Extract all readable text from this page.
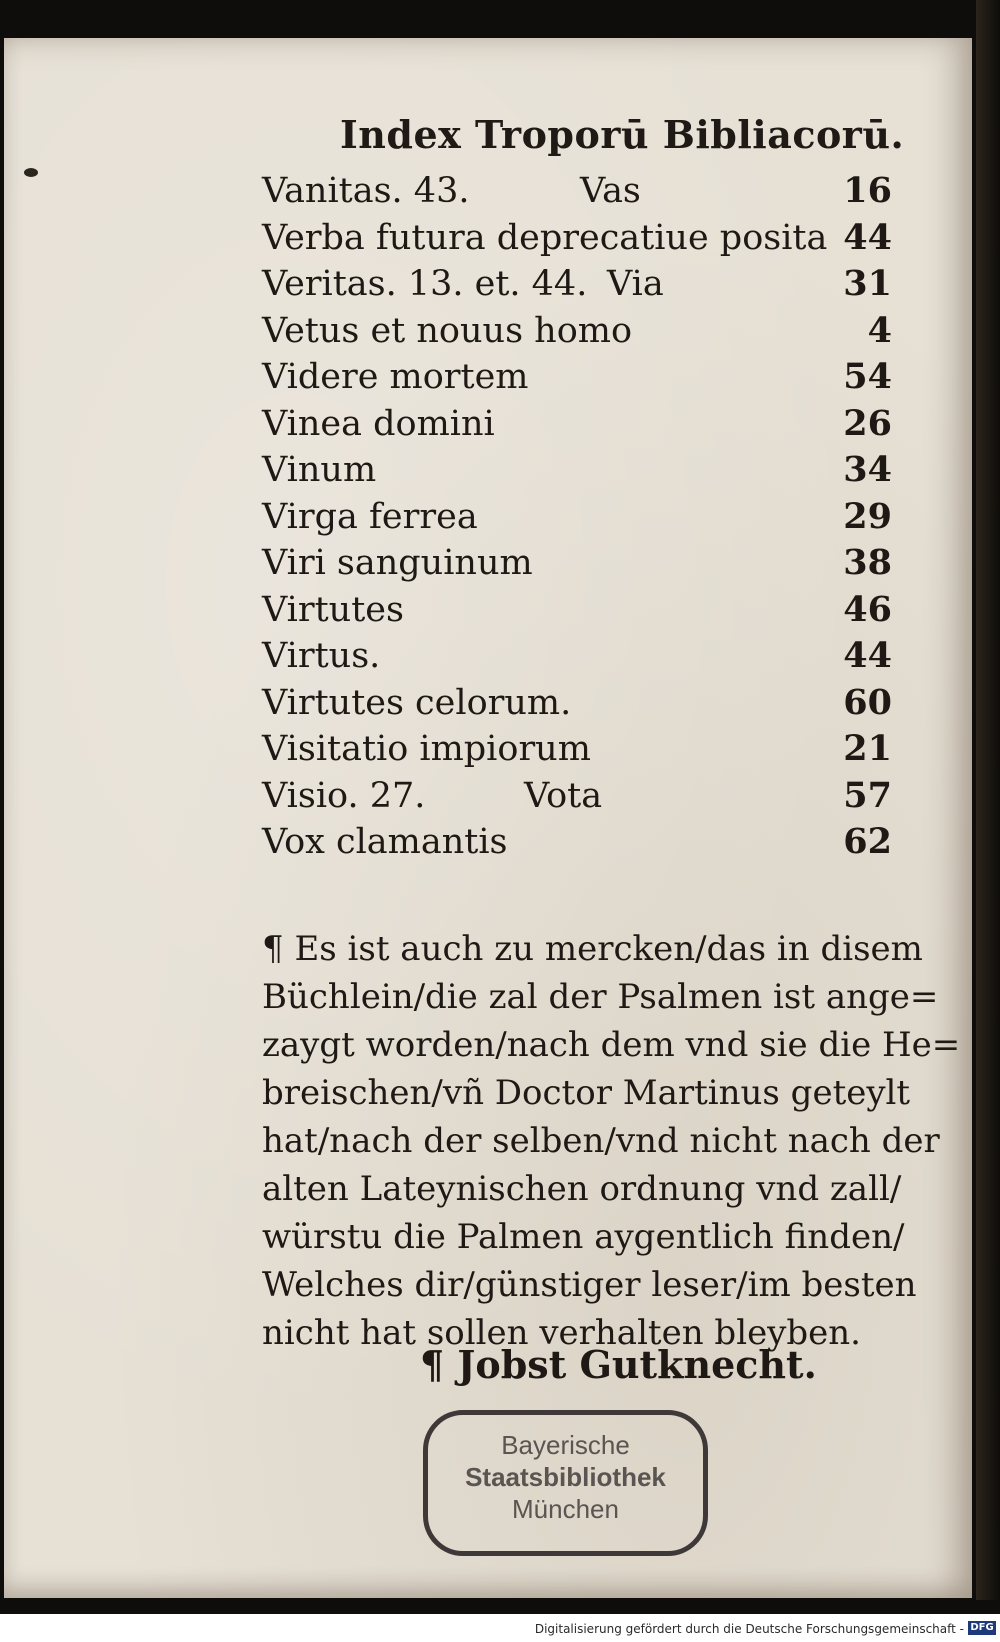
Index Troporū Bibliacorū.
Vanitas. 43.	Vas	16
Verba futura deprecatiue posita 44
Veritas. 13. et. 44. Via	31
Vetus et nouus homo	4
Videre mortem	54
Vinea domini	26
Vinum	34
Virga ferrea	29
Viri sanguinum	38
Virtutes	46
Virtus.	44
Virtutes celorum.	60
Visitatio impiorum	21
Visio. 27.	Vota	57
Vox clamantis	62
¶ Es ist auch zu mercken/das in disem
Büchlein/die zal der Psalmen ist ange=
zaygt worden/nach dem vnd sie die He=
breischen/vñ Doctor Martinus geteylt
hat/nach der selben/vnd nicht nach der
alten Lateynischen ordnung vnd zall/
würstu die Palmen aygentlich finden/
Welches dir/günstiger leser/im besten
nicht hat sollen verhalten bleyben.
¶ Jobst Gutknecht.
Bayerische
Staatsbibliothek
München
Digitalisierung gefördert durch die Deutsche Forschungsgemeinschaft - DFG
